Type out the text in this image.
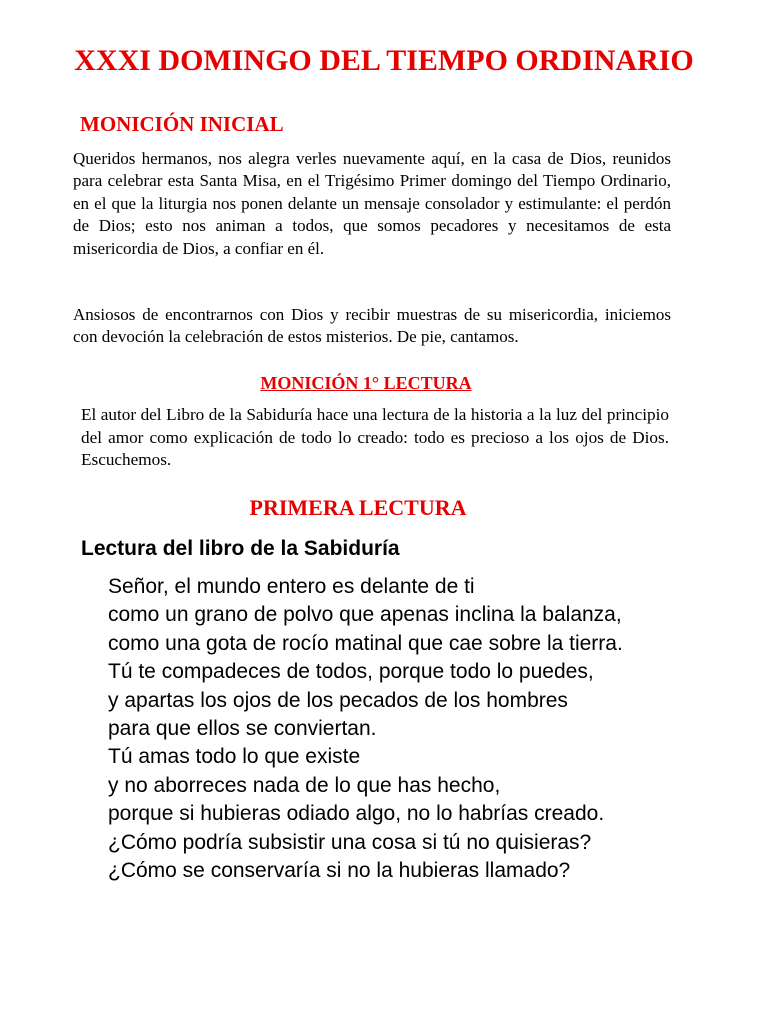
XXXI DOMINGO DEL TIEMPO ORDINARIO
MONICIÓN INICIAL

Queridos hermanos, nos alegra verles nuevamente aquí, en la casa de Dios, reunidos para celebrar esta Santa Misa, en el Trigésimo Primer domingo del Tiempo Ordinario, en el que la liturgia nos ponen delante un mensaje consolador y estimulante: el perdón de Dios; esto nos animan a todos, que somos pecadores y necesitamos de esta misericordia de Dios, a confiar en él.

Ansiosos de encontrarnos con Dios y recibir muestras de su misericordia, iniciemos con devoción la celebración de estos misterios. De pie, cantamos.

MONICIÓN 1° LECTURA

El autor del Libro de la Sabiduría hace una lectura de la historia a la luz del principio del amor como explicación de todo lo creado: todo es precioso a los ojos de Dios. Escuchemos.

PRIMERA LECTURA
Lectura del libro de la Sabiduría
Señor, el mundo entero es delante de ti
como un grano de polvo que apenas inclina la balanza,
como una gota de rocío matinal que cae sobre la tierra.
Tú te compadeces de todos, porque todo lo puedes,
y apartas los ojos de los pecados de los hombres
para que ellos se conviertan.
Tú amas todo lo que existe
y no aborreces nada de lo que has hecho,
porque si hubieras odiado algo, no lo habrías creado.
¿Cómo podría subsistir una cosa si tú no quisieras?
¿Cómo se conservaría si no la hubieras llamado?
